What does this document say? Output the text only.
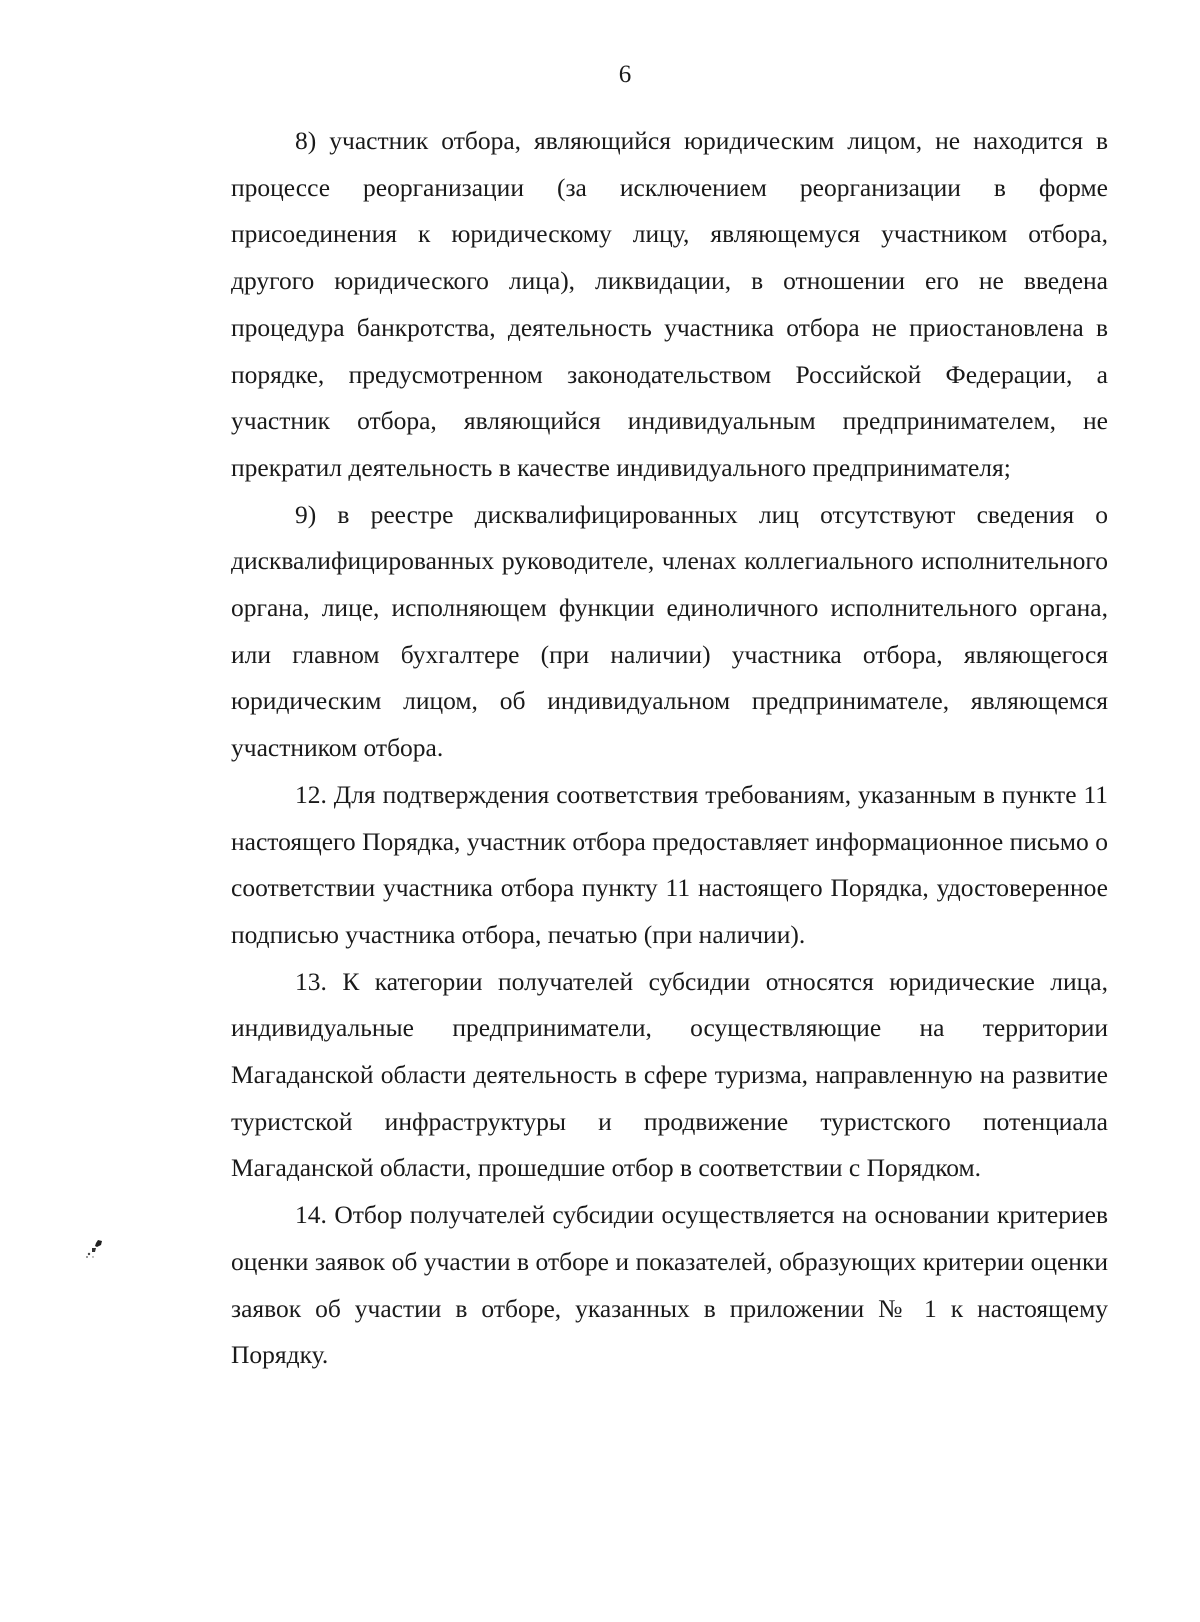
6

8) участник отбора, являющийся юридическим лицом, не находится в процессе реорганизации (за исключением реорганизации в форме присоединения к юридическому лицу, являющемуся участником отбора, другого юридического лица), ликвидации, в отношении его не введена процедура банкротства, деятельность участника отбора не приостановлена в порядке, предусмотренном законодательством Российской Федерации, а участник отбора, являющийся индивидуальным предпринимателем, не прекратил деятельность в качестве индивидуального предпринимателя;

9) в реестре дисквалифицированных лиц отсутствуют сведения о дисквалифицированных руководителе, членах коллегиального исполнительного органа, лице, исполняющем функции единоличного исполнительного органа, или главном бухгалтере (при наличии) участника отбора, являющегося юридическим лицом, об индивидуальном предпринимателе, являющемся участником отбора.

12. Для подтверждения соответствия требованиям, указанным в пункте 11 настоящего Порядка, участник отбора предоставляет информационное письмо о соответствии участника отбора пункту 11 настоящего Порядка, удостоверенное подписью участника отбора, печатью (при наличии).

13. К категории получателей субсидии относятся юридические лица, индивидуальные предприниматели, осуществляющие на территории Магаданской области деятельность в сфере туризма, направленную на развитие туристской инфраструктуры и продвижение туристского потенциала Магаданской области, прошедшие отбор в соответствии с Порядком.

14. Отбор получателей субсидии осуществляется на основании критериев оценки заявок об участии в отборе и показателей, образующих критерии оценки заявок об участии в отборе, указанных в приложении № 1 к настоящему Порядку.
